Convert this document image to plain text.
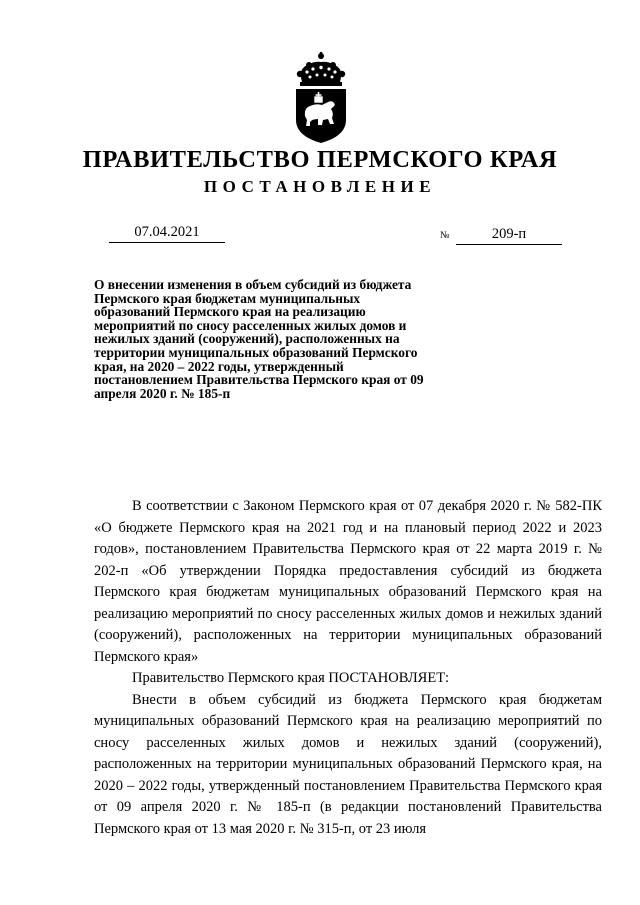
ПРАВИТЕЛЬСТВО ПЕРМСКОГО КРАЯ
ПОСТАНОВЛЕНИЕ
07.04.2021	№	209-п
О внесении изменения в объем субсидий из бюджета Пермского края бюджетам муниципальных образований Пермского края на реализацию мероприятий по сносу расселенных жилых домов и нежилых зданий (сооружений), расположенных на территории муниципальных образований Пермского края, на 2020 – 2022 годы, утвержденный постановлением Правительства Пермского края от 09 апреля 2020 г. № 185-п

В соответствии с Законом Пермского края от 07 декабря 2020 г. № 582-ПК «О бюджете Пермского края на 2021 год и на плановый период 2022 и 2023 годов», постановлением Правительства Пермского края от 22 марта 2019 г. № 202-п «Об утверждении Порядка предоставления субсидий из бюджета Пермского края бюджетам муниципальных образований Пермского края на реализацию мероприятий по сносу расселенных жилых домов и нежилых зданий (сооружений), расположенных на территории муниципальных образований Пермского края»

Правительство Пермского края ПОСТАНОВЛЯЕТ:

Внести в объем субсидий из бюджета Пермского края бюджетам муниципальных образований Пермского края на реализацию мероприятий по сносу расселенных жилых домов и нежилых зданий (сооружений), расположенных на территории муниципальных образований Пермского края, на 2020 – 2022 годы, утвержденный постановлением Правительства Пермского края от 09 апреля 2020 г. № 185-п (в редакции постановлений Правительства Пермского края от 13 мая 2020 г. № 315-п, от 23 июля
